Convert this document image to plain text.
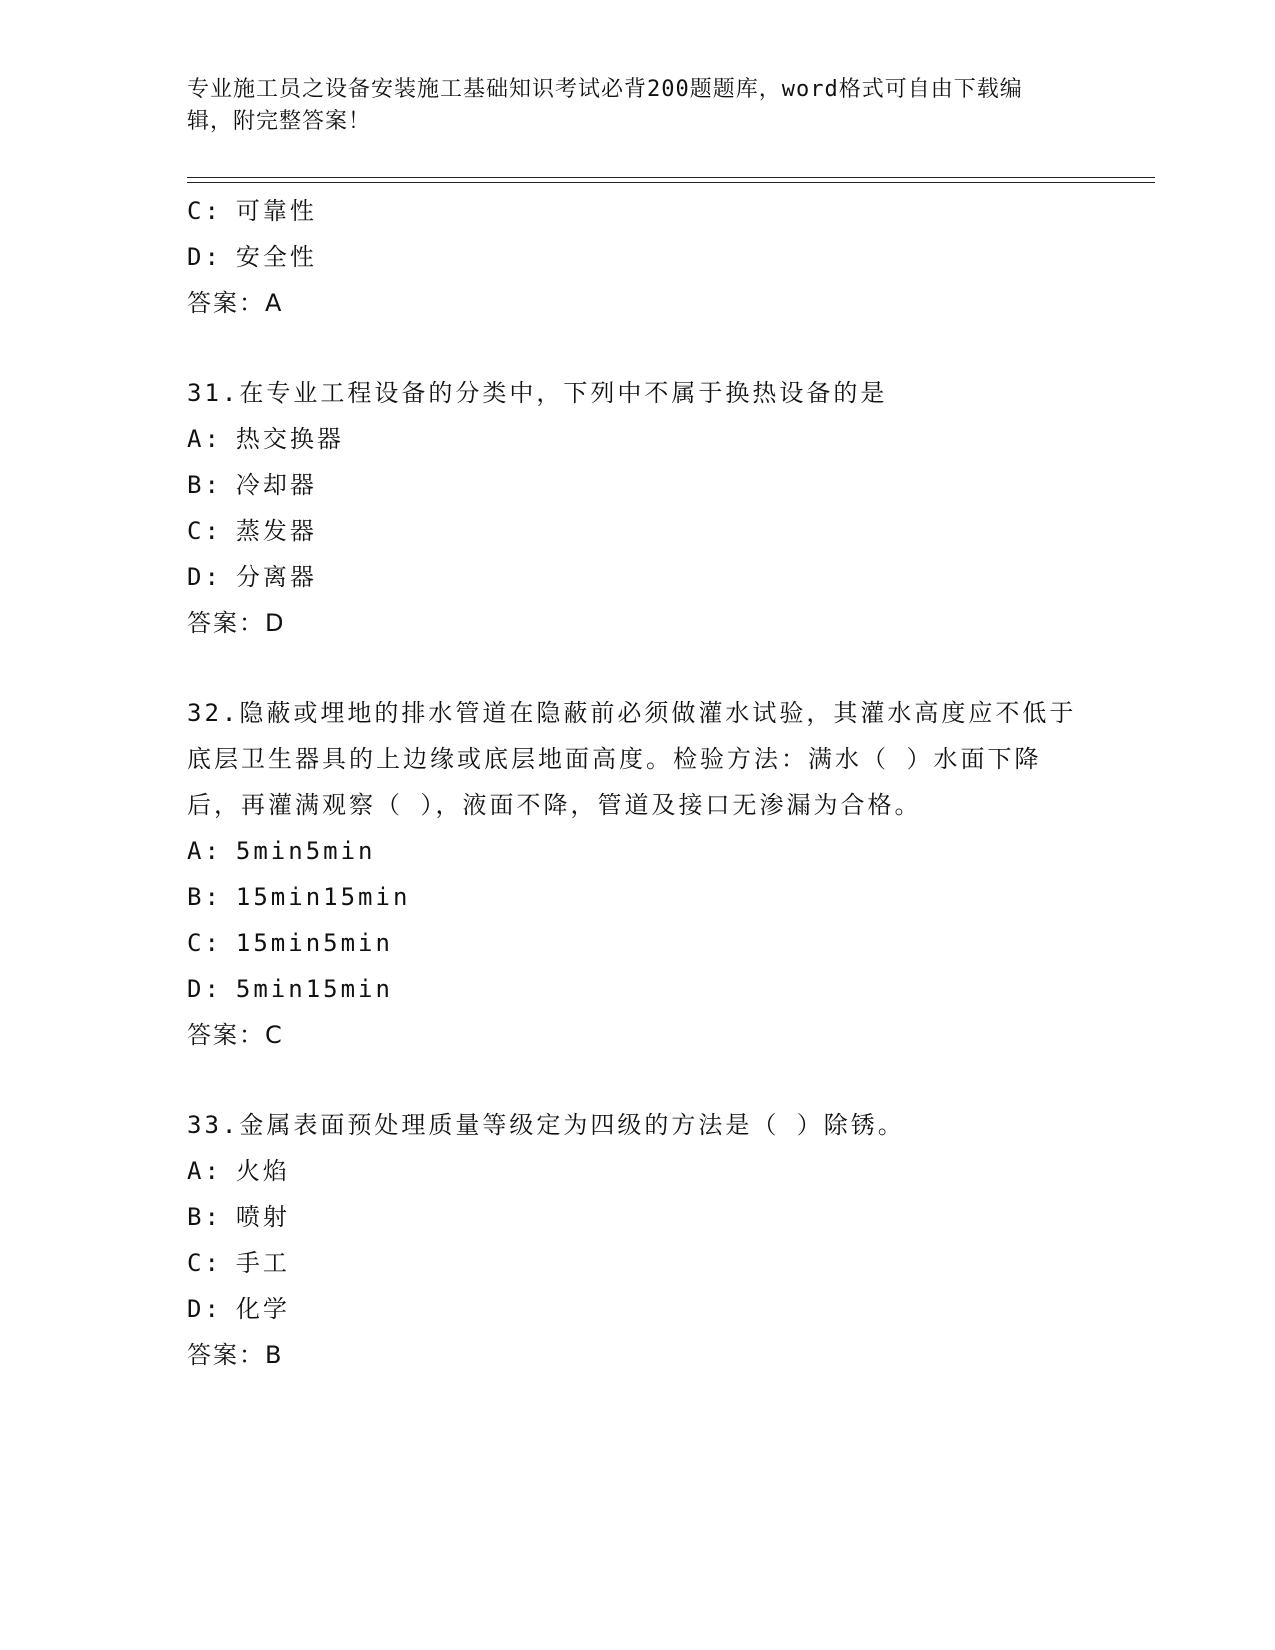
专业施工员之设备安装施工基础知识考试必背200题题库，word格式可自由下载编辑，附完整答案！
C: 可靠性
D: 安全性
答案：A
31.在专业工程设备的分类中，下列中不属于换热设备的是
A: 热交换器
B: 冷却器
C: 蒸发器
D: 分离器
答案：D
32.隐蔽或埋地的排水管道在隐蔽前必须做灌水试验，其灌水高度应不低于底层卫生器具的上边缘或底层地面高度。检验方法：满水（ ）水面下降后，再灌满观察（ ），液面不降，管道及接口无渗漏为合格。
A: 5min5min
B: 15min15min
C: 15min5min
D: 5min15min
答案：C
33.金属表面预处理质量等级定为四级的方法是（ ）除锈。
A: 火焰
B: 喷射
C: 手工
D: 化学
答案：B
